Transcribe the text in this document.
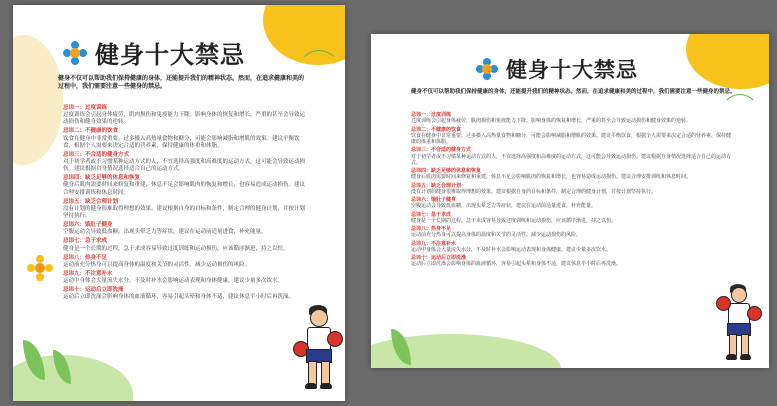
健身十大禁忌
健身不仅可以帮助我们保持健康的身体，还能提升我们的精神状态。然而，在追求健康和美的过程中，我们需要注意一些健身的禁忌。
忌讳一：过度训练
过度训练会引起身体疲劳，肌肉损伤和免疫能力下降。影响身体的恢复和增长，严重的甚至会导致运动损伤和健身效果的逆转。
忌讳二：不健康的饮食
饮食在健身中非常重要。过多摄入高热量食物和糖分，可能会影响减脂和增肌的效果。建议平衡饮食，根据个人需要来决定合适的营养素，保持健康的体重和体脂。
忌讳三：不合适的健身方式
对于初学者或不习惯某种运动方式的人，不宜选择高强度和高难度的运动方式，这可能会导致运动损伤。建议根据自身情况选择适合自己的运动方式。
忌讳四：缺乏足够的休息和恢复
健身后肌肉需要时间来修复和重建，休息不足会影响肌肉的恢复和增长，也容易造成运动损伤。建议合理安排训练和休息时间。
忌讳五：缺乏合理计划
没有计划的健身很难取得理想的效果。建议根据自身的目标和条件，制定合理的健身计划，并按计划坚持执行。
忌讳六：饿肚子健身
空腹运动会导致低血糖，出现头晕乏力等症状，建议在运动前适量进食，补充能量。
忌讳七：急于求成
健身是一个长期的过程，急于求成容易导致过度训练和运动损伤，应该循序渐进，持之以恒。
忌讳八：热身不足
运动前充分热身可以提高身体的温度和关节的灵活性，减少运动损伤的风险。
忌讳九：不注意补水
运动中身体会大量流失水分，不及时补水会影响运动表现和身体健康，建议少量多次饮水。
忌讳十：运动后立即洗澡
运动后立即洗澡会影响身体的血液循环，容易引起头晕和身体不适，建议休息半小时后再洗澡。
健身十大禁忌
健身不仅可以帮助我们保持健康的身体，还能提升我们的精神状态。然而，在追求健康和美的过程中，我们需要注意一些健身的禁忌。
忌讳一：过度训练
过度训练会引起身体疲劳，肌肉损伤和免疫能力下降。影响身体的恢复和增长，严重的甚至会导致运动损伤和健身效果的逆转。
忌讳二：不健康的饮食
饮食在健身中非常重要。过多摄入高热量食物和糖分，可能会影响减脂和增肌的效果。建议平衡饮食，根据个人需要来决定合适的营养素，保持健康的体重和体脂。
忌讳三：不合适的健身方式
对于初学者或不习惯某种运动方式的人，不宜选择高强度和高难度的运动方式，这可能会导致运动损伤。建议根据自身情况选择适合自己的运动方式。
忌讳四：缺乏足够的休息和恢复
健身后肌肉需要时间来修复和重建，休息不足会影响肌肉的恢复和增长，也容易造成运动损伤。建议合理安排训练和休息时间。
忌讳五：缺乏合理计划
没有计划的健身很难取得理想的效果。建议根据自身的目标和条件，制定合理的健身计划，并按计划坚持执行。
忌讳六：饿肚子健身
空腹运动会导致低血糖，出现头晕乏力等症状，建议在运动前适量进食，补充能量。
忌讳七：急于求成
健身是一个长期的过程，急于求成容易导致过度训练和运动损伤，应该循序渐进，持之以恒。
忌讳八：热身不足
运动前充分热身可以提高身体的温度和关节的灵活性，减少运动损伤的风险。
忌讳九：不注意补水
运动中身体会大量流失水分，不及时补水会影响运动表现和身体健康，建议少量多次饮水。
忌讳十：运动后立即洗澡
运动后立即洗澡会影响身体的血液循环，容易引起头晕和身体不适，建议休息半小时后再洗澡。
